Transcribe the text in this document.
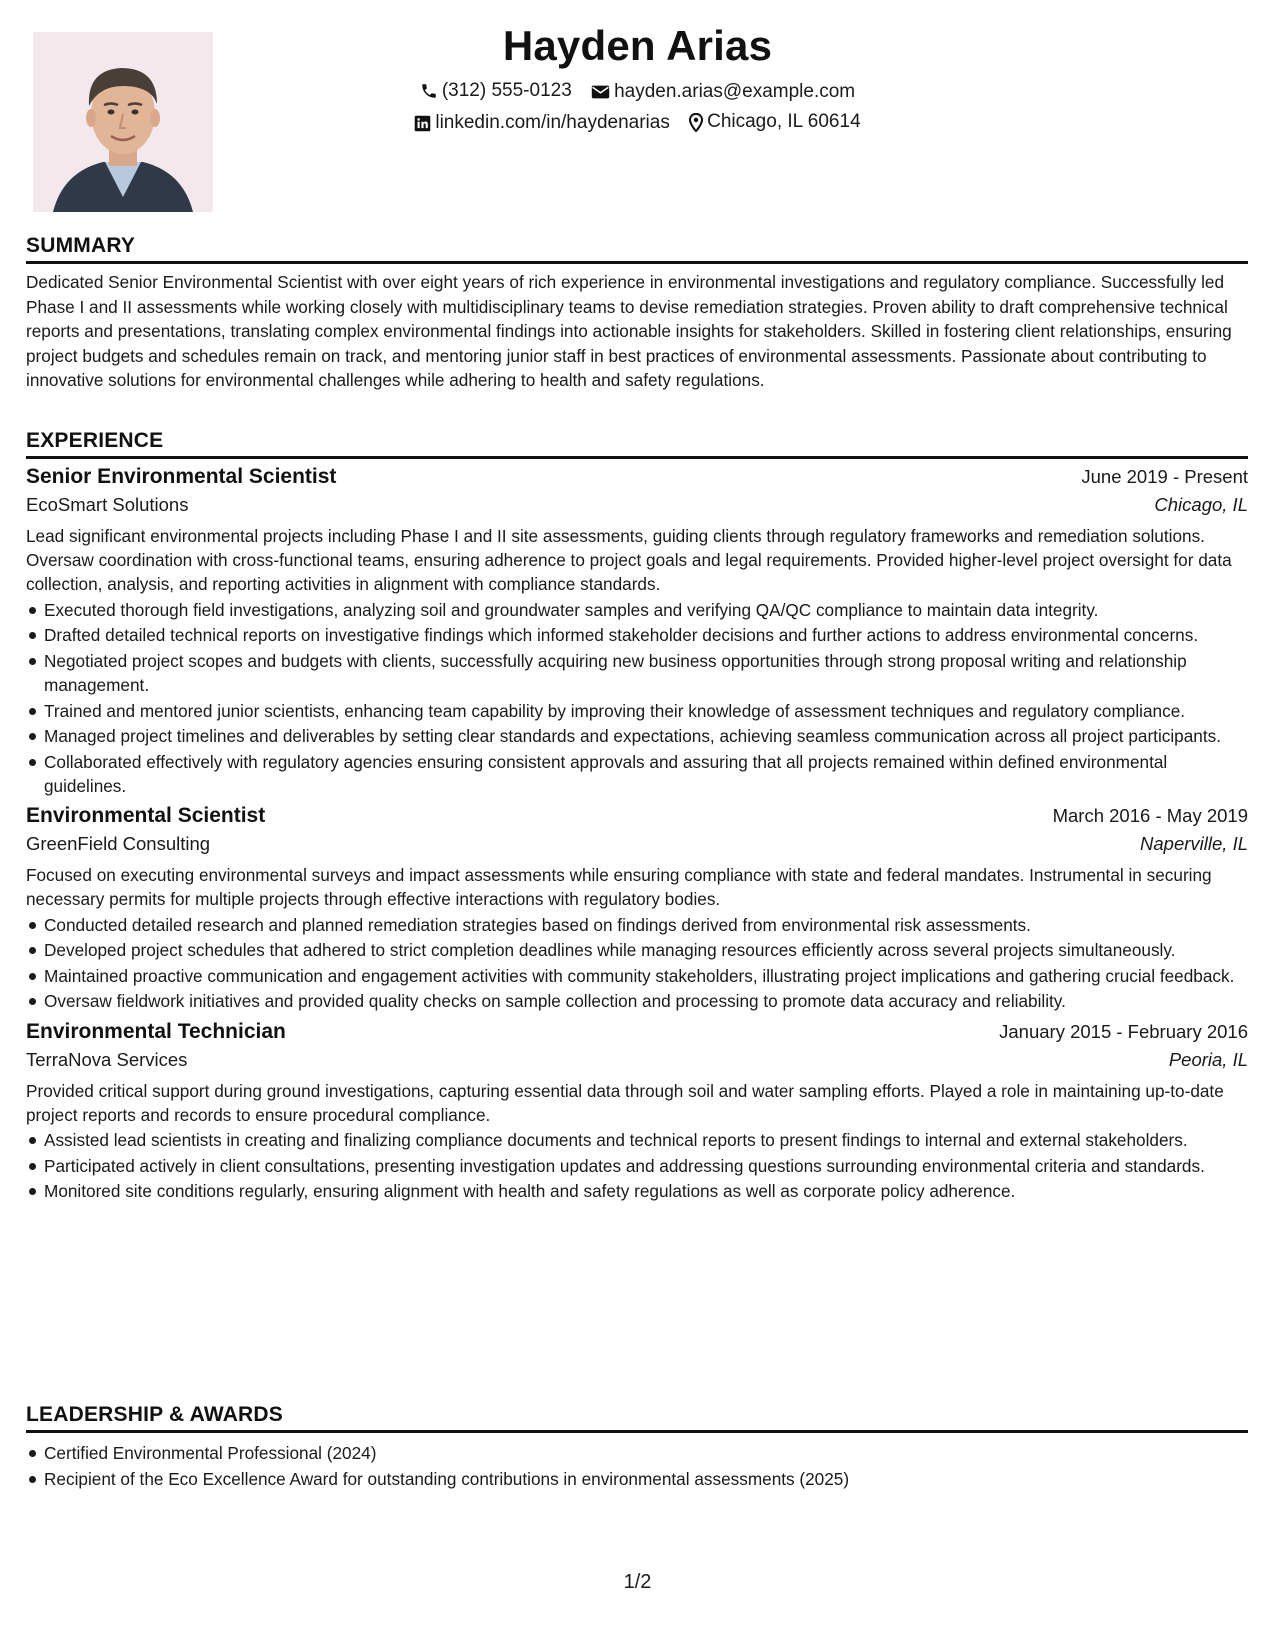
Hayden Arias
(312) 555-0123
hayden.arias@example.com
linkedin.com/in/haydenarias
Chicago, IL 60614
SUMMARY
Dedicated Senior Environmental Scientist with over eight years of rich experience in environmental investigations and regulatory compliance. Successfully led Phase I and II assessments while working closely with multidisciplinary teams to devise remediation strategies. Proven ability to draft comprehensive technical reports and presentations, translating complex environmental findings into actionable insights for stakeholders. Skilled in fostering client relationships, ensuring project budgets and schedules remain on track, and mentoring junior staff in best practices of environmental assessments. Passionate about contributing to innovative solutions for environmental challenges while adhering to health and safety regulations.
EXPERIENCE
Senior Environmental Scientist	June 2019 - Present
EcoSmart Solutions	Chicago, IL
Lead significant environmental projects including Phase I and II site assessments, guiding clients through regulatory frameworks and remediation solutions. Oversaw coordination with cross-functional teams, ensuring adherence to project goals and legal requirements. Provided higher-level project oversight for data collection, analysis, and reporting activities in alignment with compliance standards.
Executed thorough field investigations, analyzing soil and groundwater samples and verifying QA/QC compliance to maintain data integrity.
Drafted detailed technical reports on investigative findings which informed stakeholder decisions and further actions to address environmental concerns.
Negotiated project scopes and budgets with clients, successfully acquiring new business opportunities through strong proposal writing and relationship management.
Trained and mentored junior scientists, enhancing team capability by improving their knowledge of assessment techniques and regulatory compliance.
Managed project timelines and deliverables by setting clear standards and expectations, achieving seamless communication across all project participants.
Collaborated effectively with regulatory agencies ensuring consistent approvals and assuring that all projects remained within defined environmental guidelines.
Environmental Scientist	March 2016 - May 2019
GreenField Consulting	Naperville, IL
Focused on executing environmental surveys and impact assessments while ensuring compliance with state and federal mandates. Instrumental in securing necessary permits for multiple projects through effective interactions with regulatory bodies.
Conducted detailed research and planned remediation strategies based on findings derived from environmental risk assessments.
Developed project schedules that adhered to strict completion deadlines while managing resources efficiently across several projects simultaneously.
Maintained proactive communication and engagement activities with community stakeholders, illustrating project implications and gathering crucial feedback.
Oversaw fieldwork initiatives and provided quality checks on sample collection and processing to promote data accuracy and reliability.
Environmental Technician	January 2015 - February 2016
TerraNova Services	Peoria, IL
Provided critical support during ground investigations, capturing essential data through soil and water sampling efforts. Played a role in maintaining up-to-date project reports and records to ensure procedural compliance.
Assisted lead scientists in creating and finalizing compliance documents and technical reports to present findings to internal and external stakeholders.
Participated actively in client consultations, presenting investigation updates and addressing questions surrounding environmental criteria and standards.
Monitored site conditions regularly, ensuring alignment with health and safety regulations as well as corporate policy adherence.
LEADERSHIP & AWARDS
Certified Environmental Professional (2024)
Recipient of the Eco Excellence Award for outstanding contributions in environmental assessments (2025)
1/2
